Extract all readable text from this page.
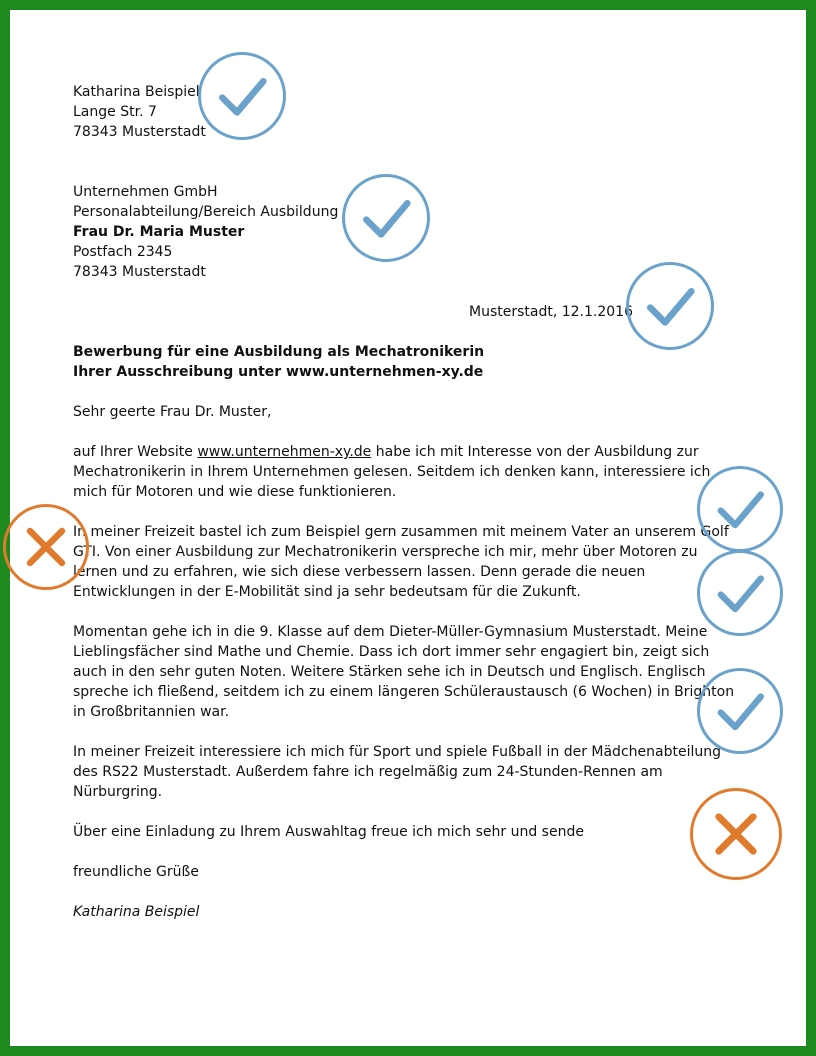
Katharina Beispiel

Lange Str. 7

78343 Musterstadt

Unternehmen GmbH

Personalabteilung/Bereich Ausbildung

Frau Dr. Maria Muster

Postfach 2345

78343 Musterstadt

Musterstadt, 12.1.2016

Bewerbung für eine Ausbildung als Mechatronikerin

Ihrer Ausschreibung unter www.unternehmen-xy.de

Sehr geerte Frau Dr. Muster,

auf Ihrer Website www.unternehmen-xy.de habe ich mit Interesse von der Ausbildung zur Mechatronikerin in Ihrem Unternehmen gelesen. Seitdem ich denken kann, interessiere ich mich für Motoren und wie diese funktionieren.

In meiner Freizeit bastel ich zum Beispiel gern zusammen mit meinem Vater an unserem Golf GTI. Von einer Ausbildung zur Mechatronikerin verspreche ich mir, mehr über Motoren zu lernen und zu erfahren, wie sich diese verbessern lassen. Denn gerade die neuen Entwicklungen in der E-Mobilität sind ja sehr bedeutsam für die Zukunft.

Momentan gehe ich in die 9. Klasse auf dem Dieter-Müller-Gymnasium Musterstadt. Meine Lieblingsfächer sind Mathe und Chemie. Dass ich dort immer sehr engagiert bin, zeigt sich auch in den sehr guten Noten. Weitere Stärken sehe ich in Deutsch und Englisch. Englisch spreche ich fließend, seitdem ich zu einem längeren Schüleraustausch (6 Wochen) in Brighton in Großbritannien war.

In meiner Freizeit interessiere ich mich für Sport und spiele Fußball in der Mädchenabteilung des RS22 Musterstadt. Außerdem fahre ich regelmäßig zum 24-Stunden-Rennen am Nürburgring.

Über eine Einladung zu Ihrem Auswahltag freue ich mich sehr und sende

freundliche Grüße

Katharina Beispiel
